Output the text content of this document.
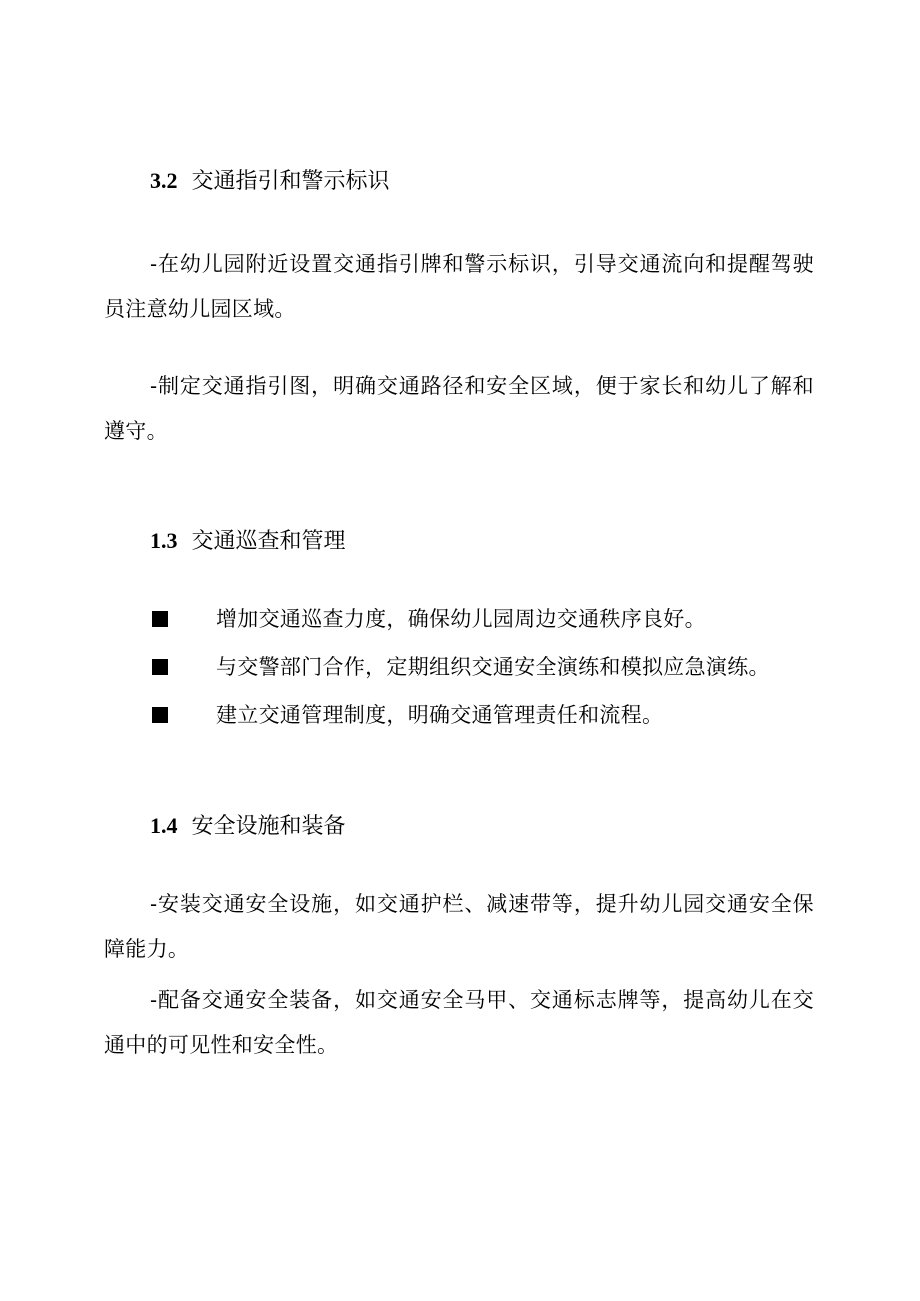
3.2 交通指引和警示标识

-在幼儿园附近设置交通指引牌和警示标识，引导交通流向和提醒驾驶员注意幼儿园区域。

-制定交通指引图，明确交通路径和安全区域，便于家长和幼儿了解和遵守。

1.3 交通巡查和管理
增加交通巡查力度，确保幼儿园周边交通秩序良好。
与交警部门合作，定期组织交通安全演练和模拟应急演练。
建立交通管理制度，明确交通管理责任和流程。
1.4 安全设施和装备

-安装交通安全设施，如交通护栏、减速带等，提升幼儿园交通安全保障能力。

-配备交通安全装备，如交通安全马甲、交通标志牌等，提高幼儿在交通中的可见性和安全性。
